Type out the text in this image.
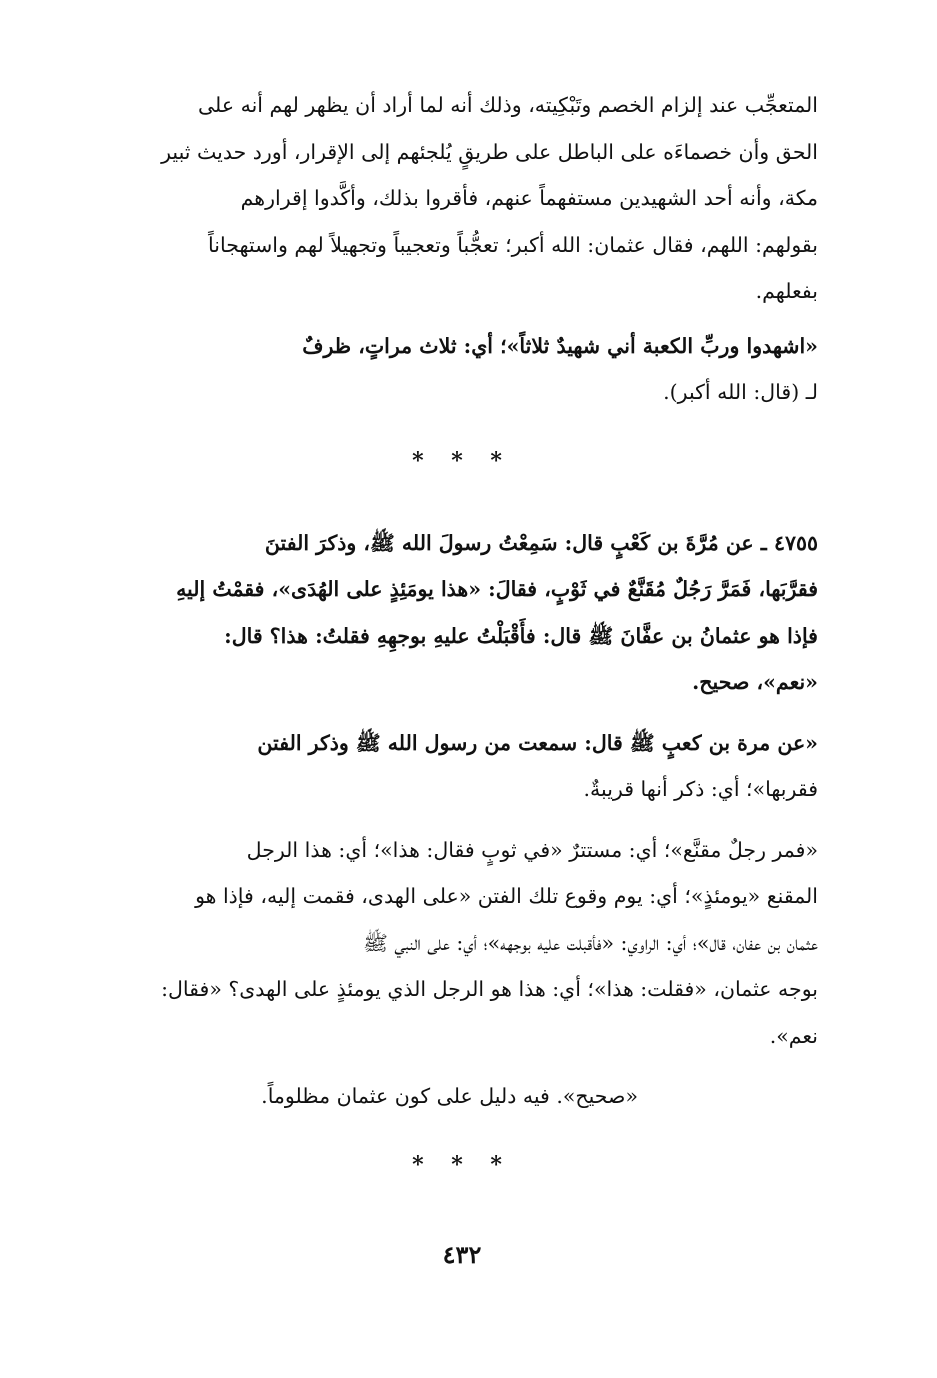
المتعجِّب عند إلزام الخصم وتَبْكِيته، وذلك أنه لما أراد أن يظهر لهم أنه على
الحق وأن خصماءَه على الباطل على طريقٍ يُلجئهم إلى الإقرار، أورد حديث ثبير
مكة، وأنه أحد الشهيدين مستفهماً عنهم، فأقروا بذلك، وأكَّدوا إقرارهم
بقولهم: اللهم، فقال عثمان: الله أكبر؛ تعجُّباً وتعجيباً وتجهيلاً لهم واستهجاناً
بفعلهم.

«اشهدوا وربِّ الكعبة أني شهيدٌ ثلاثاً»؛ أي: ثلاث مراتٍ، ظرفٌ
لـ (قال: الله أكبر).

* * *

٤٧٥٥ ـ عن مُرَّةَ بن كَعْبٍ قال: سَمِعْتُ رسولَ الله ﷺ، وذكرَ الفتنَ
فقرَّبَها، فَمَرَّ رَجُلٌ مُقَنَّعٌ في ثَوْبٍ، فقالَ: «هذا يومَئِذٍ على الهُدَى»، فقمْتُ إليهِ
فإذا هو عثمانُ بن عفَّانَ ﷺ قال: فأَقْبَلْتُ عليهِ بوجهِهِ فقلتُ: هذا؟ قال:
«نعم»، صحيح.

«عن مرة بن كعبٍ ﷺ قال: سمعت من رسول الله ﷺ وذكر الفتن
فقربها»؛ أي: ذكر أنها قريبةٌ.

«فمر رجلٌ مقنَّع»؛ أي: مستترٌ «في ثوبٍ فقال: هذا»؛ أي: هذا الرجل
المقنع «يومئذٍ»؛ أي: يوم وقوع تلك الفتن «على الهدى، فقمت إليه، فإذا هو
عثمان بن عفان، قال»؛ أي: الراوي: «فأقبلت عليه بوجهه»؛ أي: على النبي ﷺ
بوجه عثمان، «فقلت: هذا»؛ أي: هذا هو الرجل الذي يومئذٍ على الهدى؟ «فقال:
نعم».

«صحيح». فيه دليل على كون عثمان مظلوماً.

* * *
٤٣٢
